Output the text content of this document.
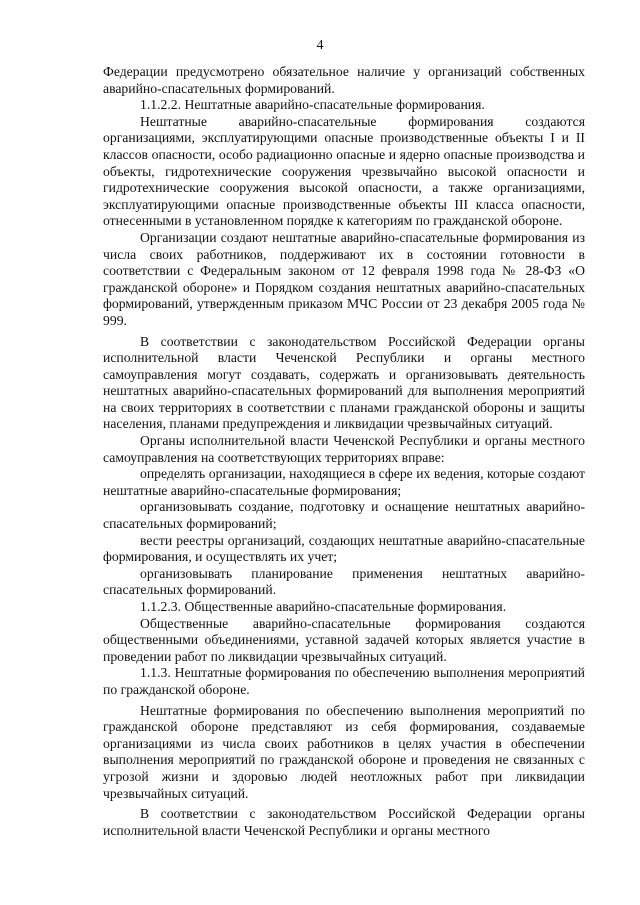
4

Федерации предусмотрено обязательное наличие у организаций собственных аварийно-спасательных формирований.

1.1.2.2. Нештатные аварийно-спасательные формирования.

Нештатные аварийно-спасательные формирования создаются организациями, эксплуатирующими опасные производственные объекты I и II классов опасности, особо радиационно опасные и ядерно опасные производства и объекты, гидротехнические сооружения чрезвычайно высокой опасности и гидротехнические сооружения высокой опасности, а также организациями, эксплуатирующими опасные производственные объекты III класса опасности, отнесенными в установленном порядке к категориям по гражданской обороне.

Организации создают нештатные аварийно-спасательные формирования из числа своих работников, поддерживают их в состоянии готовности в соответствии с Федеральным законом от 12 февраля 1998 года № 28-ФЗ «О гражданской обороне» и Порядком создания нештатных аварийно-спасательных формирований, утвержденным приказом МЧС России от 23 декабря 2005 года № 999.

В соответствии с законодательством Российской Федерации органы исполнительной власти Чеченской Республики и органы местного самоуправления могут создавать, содержать и организовывать деятельность нештатных аварийно-спасательных формирований для выполнения мероприятий на своих территориях в соответствии с планами гражданской обороны и защиты населения, планами предупреждения и ликвидации чрезвычайных ситуаций.

Органы исполнительной власти Чеченской Республики и органы местного самоуправления на соответствующих территориях вправе:

определять организации, находящиеся в сфере их ведения, которые создают нештатные аварийно-спасательные формирования;

организовывать создание, подготовку и оснащение нештатных аварийно-спасательных формирований;

вести реестры организаций, создающих нештатные аварийно-спасательные формирования, и осуществлять их учет;

организовывать планирование применения нештатных аварийно-спасательных формирований.

1.1.2.3. Общественные аварийно-спасательные формирования.

Общественные аварийно-спасательные формирования создаются общественными объединениями, уставной задачей которых является участие в проведении работ по ликвидации чрезвычайных ситуаций.

1.1.3. Нештатные формирования по обеспечению выполнения мероприятий по гражданской обороне.

Нештатные формирования по обеспечению выполнения мероприятий по гражданской обороне представляют из себя формирования, создаваемые организациями из числа своих работников в целях участия в обеспечении выполнения мероприятий по гражданской обороне и проведения не связанных с угрозой жизни и здоровью людей неотложных работ при ликвидации чрезвычайных ситуаций.

В соответствии с законодательством Российской Федерации органы исполнительной власти Чеченской Республики и органы местного
